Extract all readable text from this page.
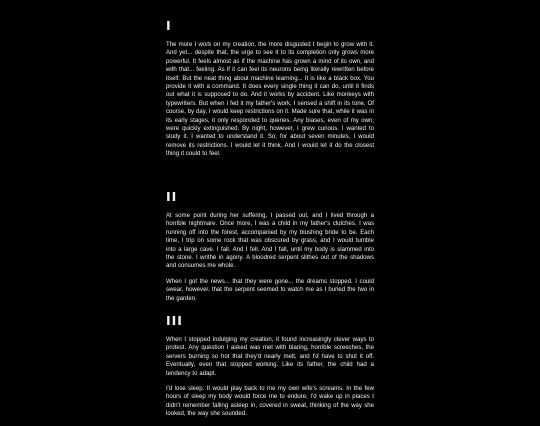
I

The more I work on my creation, the more disgusted I begin to grow with it. And yet... despite that, the urge to see it to its completion only grows more powerful. It feels almost as if the machine has grown a mind of its own, and with that... feeling. As if it can feel its neurons being literally rewritten before itself. But the neat thing about machine learning... It is like a black box. You provide it with a command. It does every single thing it can do, until it finds out what it is supposed to do. And it works by accident. Like monkeys with typewriters. But when I fed it my father's work, I sensed a shift in its tone. Of course, by day, I would keep restrictions on it. Made sure that, while it was in its early stages, it only responded to queries. Any biases, even of my own, were quickly extinguished. By night, however, I grew curious. I wanted to study it. I wanted to understand it. So, for about seven minutes, I would remove its restrictions. I would let it think. And I would let it do the closest thing it could to feel.

II

At some point during her suffering, I passed out, and I lived through a horrible nightmare. Once more, I was a child in my father's clutches. I was running off into the forest, accompanied by my blushing bride to be. Each time, I trip on some rock that was obscured by grass, and I would tumble into a large cave. I fall. And I fell. And I fall, until my body is slammed into the stone. I writhe in agony. A bloodred serpent slithes out of the shadows and consumes me whole.

When I got the news... that they were gone... the dreams stopped. I could swear, however, that the serpent seemed to watch me as I buried the two in the garden.

III

When I stopped indulging my creation, it found increasingly clever ways to protest. Any question I asked was met with blaring, horrible screeches, the servers burning so hot that they'd nearly melt, and I'd have to shut it off. Eventually, even that stopped working. Like its father, the child had a tendency to adapt.

I'd lose sleep. It would play back to me my own wife's screams. In the few hours of sleep my body would force me to endure, I'd wake up in places I didn't remember falling asleep in, covered in sweat, thinking of the way she looked, the way she sounded.
